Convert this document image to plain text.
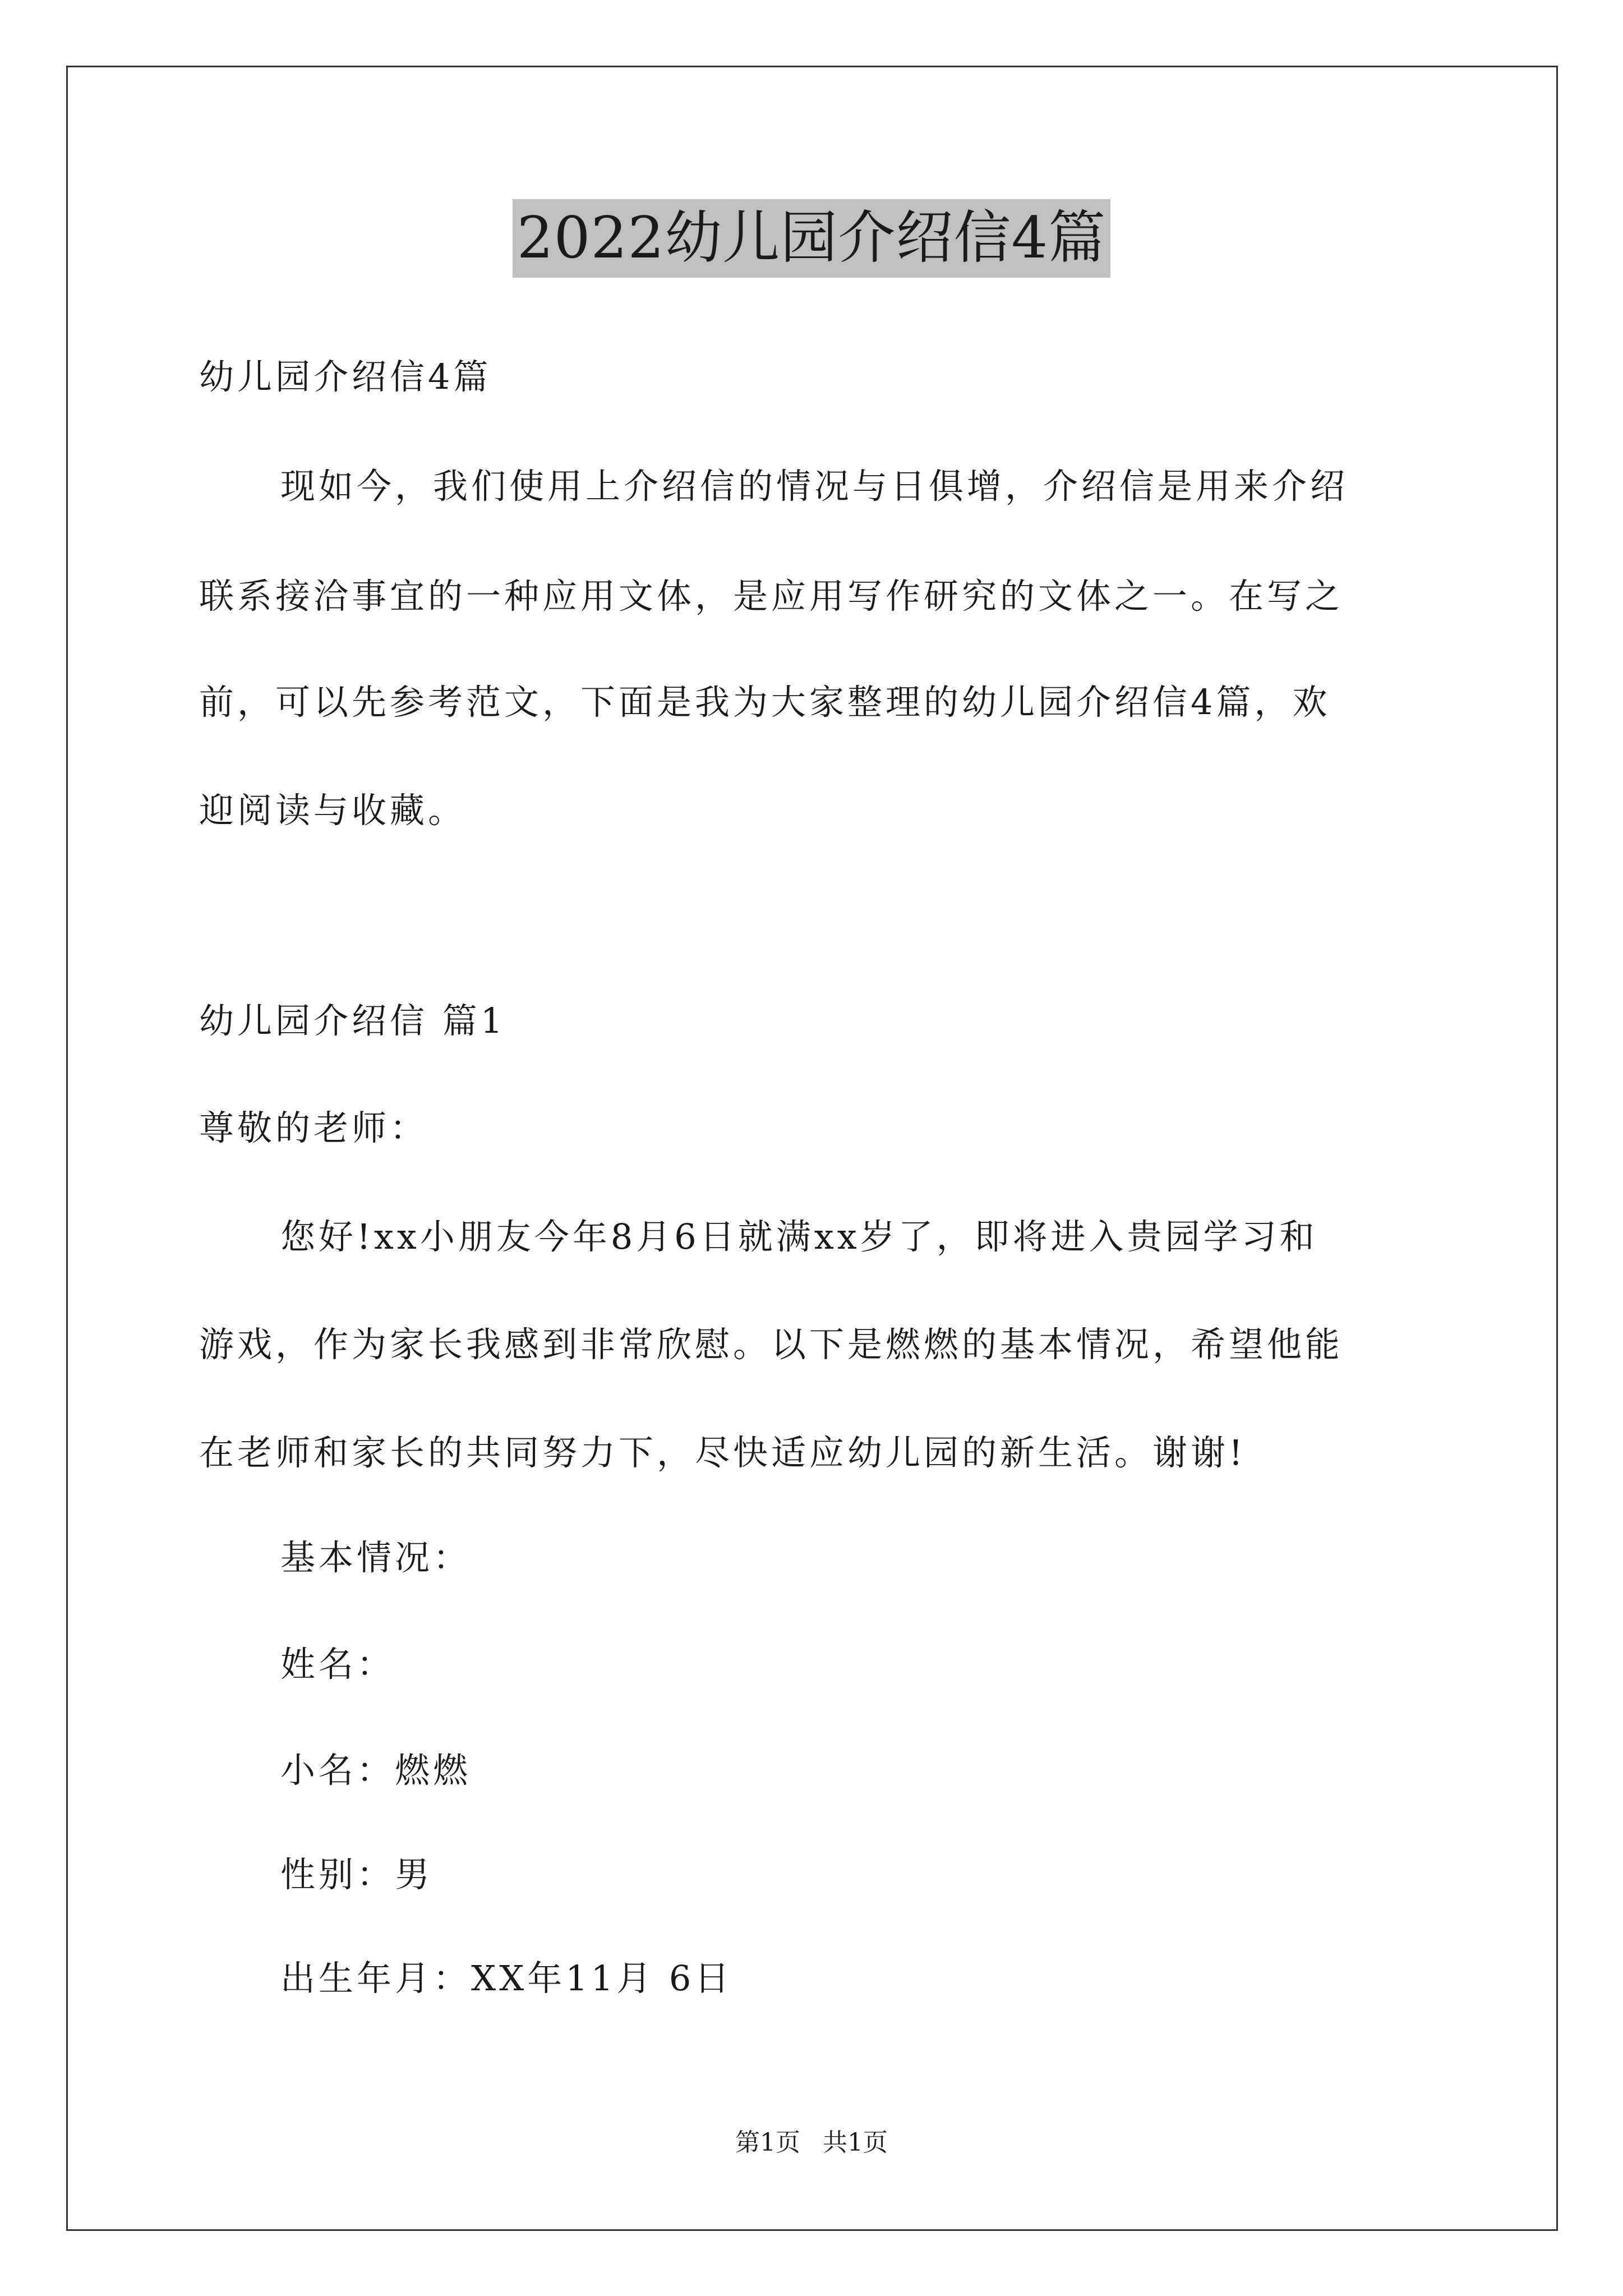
2022幼儿园介绍信4篇
幼儿园介绍信4篇
现如今，我们使用上介绍信的情况与日俱增，介绍信是用来介绍
联系接洽事宜的一种应用文体，是应用写作研究的文体之一。在写之
前，可以先参考范文，下面是我为大家整理的幼儿园介绍信4篇，欢
迎阅读与收藏。
幼儿园介绍信 篇1
尊敬的老师：
您好!xx小朋友今年8月6日就满xx岁了，即将进入贵园学习和
游戏，作为家长我感到非常欣慰。以下是燃燃的基本情况，希望他能
在老师和家长的共同努力下，尽快适应幼儿园的新生活。谢谢!
基本情况：
姓名：
小名：燃燃
性别：男
出生年月：XX年11月 6日
第1页 共1页
